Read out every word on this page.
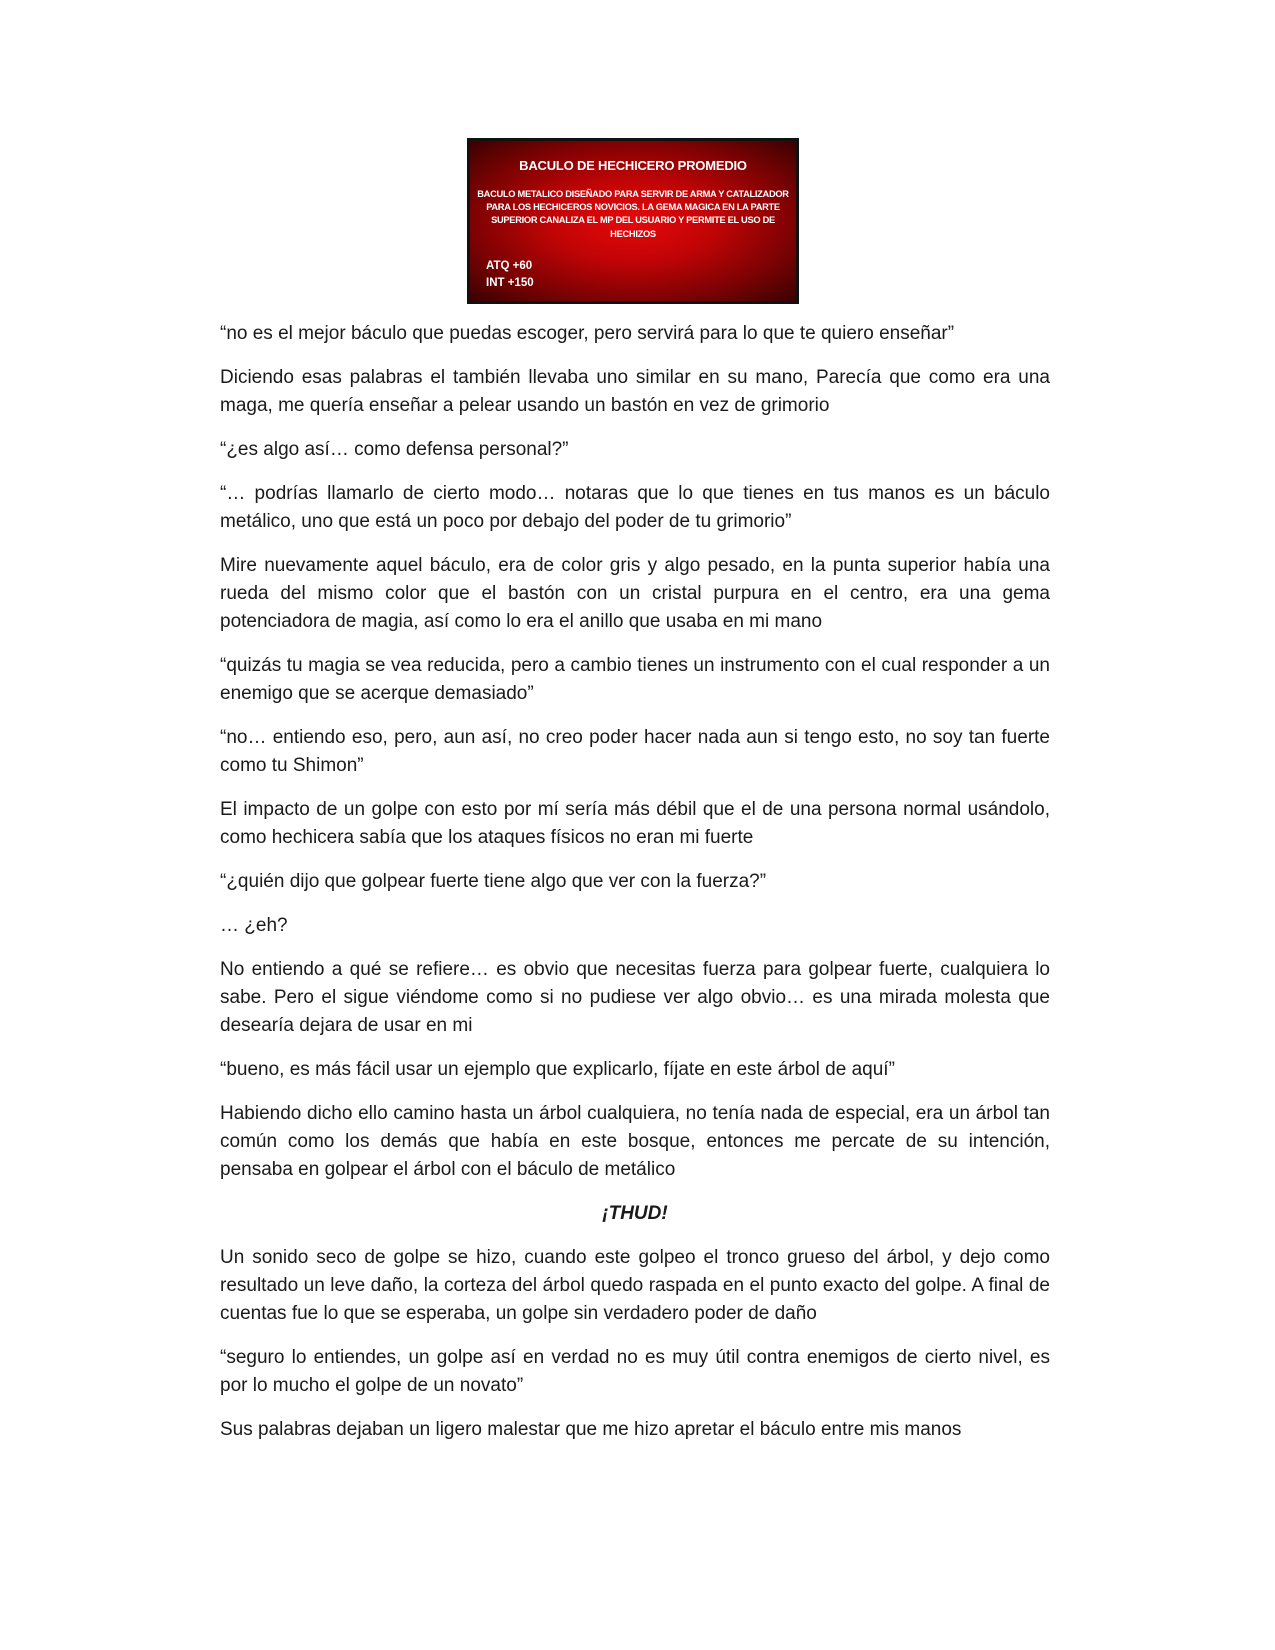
BACULO DE HECHICERO PROMEDIO
BACULO METALICO DISEÑADO PARA SERVIR DE ARMA Y CATALIZADOR PARA LOS HECHICEROS NOVICIOS. LA GEMA MAGICA EN LA PARTE SUPERIOR CANALIZA EL MP DEL USUARIO Y PERMITE EL USO DE HECHIZOS
ATQ +60
INT +150

“no es el mejor báculo que puedas escoger, pero servirá para lo que te quiero enseñar”

Diciendo esas palabras el también llevaba uno similar en su mano, Parecía que como era una maga, me quería enseñar a pelear usando un bastón en vez de grimorio

“¿es algo así… como defensa personal?”

“… podrías llamarlo de cierto modo… notaras que lo que tienes en tus manos es un báculo metálico, uno que está un poco por debajo del poder de tu grimorio”

Mire nuevamente aquel báculo, era de color gris y algo pesado, en la punta superior había una rueda del mismo color que el bastón con un cristal purpura en el centro, era una gema potenciadora de magia, así como lo era el anillo que usaba en mi mano

“quizás tu magia se vea reducida, pero a cambio tienes un instrumento con el cual responder a un enemigo que se acerque demasiado”

“no… entiendo eso, pero, aun así, no creo poder hacer nada aun si tengo esto, no soy tan fuerte como tu Shimon”

El impacto de un golpe con esto por mí sería más débil que el de una persona normal usándolo, como hechicera sabía que los ataques físicos no eran mi fuerte

“¿quién dijo que golpear fuerte tiene algo que ver con la fuerza?”

… ¿eh?

No entiendo a qué se refiere… es obvio que necesitas fuerza para golpear fuerte, cualquiera lo sabe. Pero el sigue viéndome como si no pudiese ver algo obvio… es una mirada molesta que desearía dejara de usar en mi

“bueno, es más fácil usar un ejemplo que explicarlo, fíjate en este árbol de aquí”

Habiendo dicho ello camino hasta un árbol cualquiera, no tenía nada de especial, era un árbol tan común como los demás que había en este bosque, entonces me percate de su intención, pensaba en golpear el árbol con el báculo de metálico

¡THUD!

Un sonido seco de golpe se hizo, cuando este golpeo el tronco grueso del árbol, y dejo como resultado un leve daño, la corteza del árbol quedo raspada en el punto exacto del golpe. A final de cuentas fue lo que se esperaba, un golpe sin verdadero poder de daño

“seguro lo entiendes, un golpe así en verdad no es muy útil contra enemigos de cierto nivel, es por lo mucho el golpe de un novato”

Sus palabras dejaban un ligero malestar que me hizo apretar el báculo entre mis manos
